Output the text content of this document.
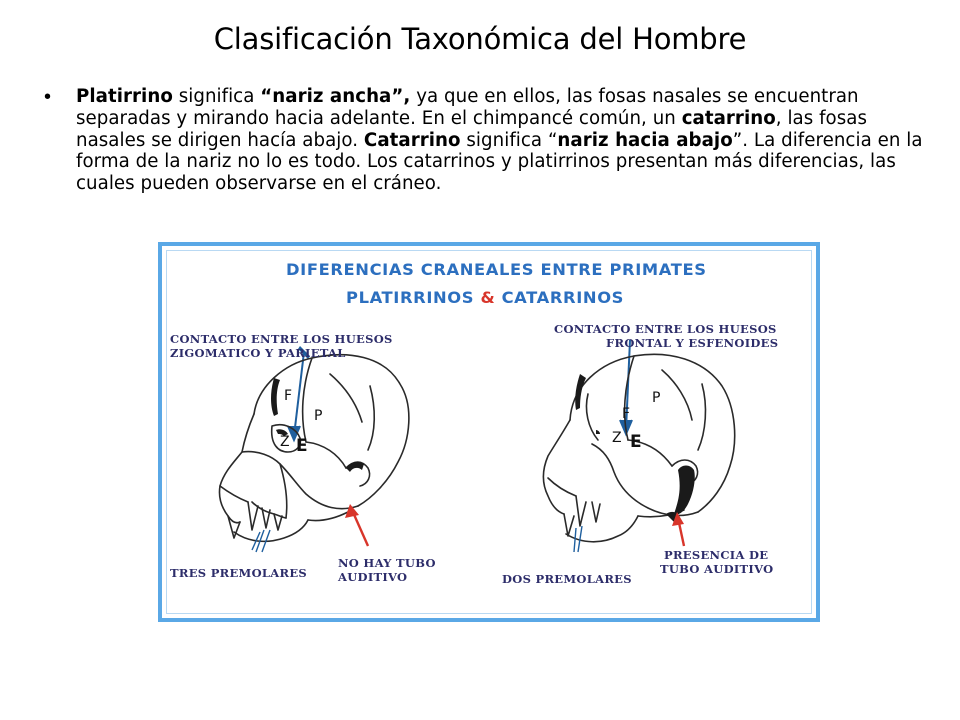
Clasificación Taxonómica del Hombre
• Platirrino significa “nariz ancha”, ya que en ellos, las fosas nasales se encuentran separadas y mirando hacia adelante. En el chimpancé común, un catarrino, las fosas nasales se dirigen hacía abajo. Catarrino significa “nariz hacia abajo”. La diferencia en la forma de la nariz no lo es todo. Los catarrinos y platirrinos presentan más diferencias, las cuales pueden observarse en el cráneo.
DIFERENCIAS CRANEALES ENTRE PRIMATES
PLATIRRINOS & CATARRINOS
CONTACTO ENTRE LOS HUESOS
ZIGOMATICO Y PARIETAL
F
P
Z E
TRES PREMOLARES
NO HAY TUBO
AUDITIVO
CONTACTO ENTRE LOS HUESOS
FRONTAL Y ESFENOIDES
F
P
Z E
DOS PREMOLARES
PRESENCIA DE
TUBO AUDITIVO
